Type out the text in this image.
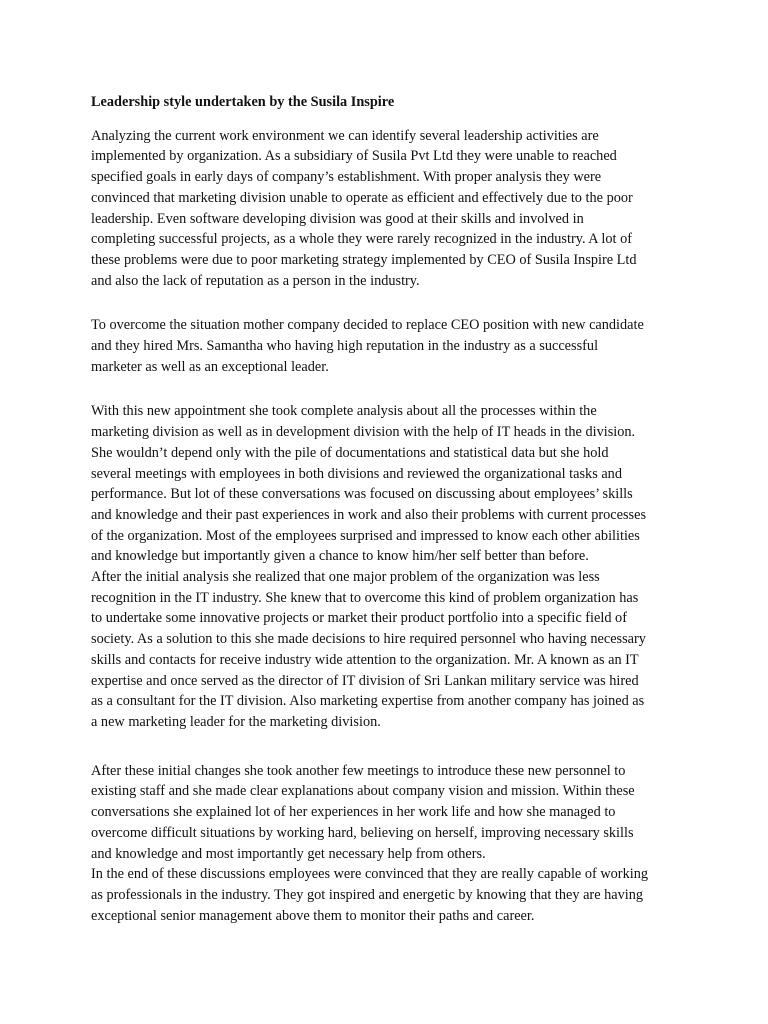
Leadership style undertaken by the Susila Inspire
Analyzing the current work environment we can identify several leadership activities are
implemented by organization. As a subsidiary of Susila Pvt Ltd they were unable to reached
specified goals in early days of company’s establishment. With proper analysis they were
convinced that marketing division unable to operate as efficient and effectively due to the poor
leadership. Even software developing division was good at their skills and involved in
completing successful projects, as a whole they were rarely recognized in the industry. A lot of
these problems were due to poor marketing strategy implemented by CEO of Susila Inspire Ltd
and also the lack of reputation as a person in the industry.
To overcome the situation mother company decided to replace CEO position with new candidate
and they hired Mrs. Samantha who having high reputation in the industry as a successful
marketer as well as an exceptional leader.
With this new appointment she took complete analysis about all the processes within the
marketing division as well as in development division with the help of IT heads in the division.
She wouldn’t depend only with the pile of documentations and statistical data but she hold
several meetings with employees in both divisions and reviewed the organizational tasks and
performance. But lot of these conversations was focused on discussing about employees’ skills
and knowledge and their past experiences in work and also their problems with current processes
of the organization. Most of the employees surprised and impressed to know each other abilities
and knowledge but importantly given a chance to know him/her self better than before.
After the initial analysis she realized that one major problem of the organization was less
recognition in the IT industry. She knew that to overcome this kind of problem organization has
to undertake some innovative projects or market their product portfolio into a specific field of
society. As a solution to this she made decisions to hire required personnel who having necessary
skills and contacts for receive industry wide attention to the organization. Mr. A known as an IT
expertise and once served as the director of IT division of Sri Lankan military service was hired
as a consultant for the IT division. Also marketing expertise from another company has joined as
a new marketing leader for the marketing division.
After these initial changes she took another few meetings to introduce these new personnel to
existing staff and she made clear explanations about company vision and mission. Within these
conversations she explained lot of her experiences in her work life and how she managed to
overcome difficult situations by working hard, believing on herself, improving necessary skills
and knowledge and most importantly get necessary help from others.
In the end of these discussions employees were convinced that they are really capable of working
as professionals in the industry. They got inspired and energetic by knowing that they are having
exceptional senior management above them to monitor their paths and career.
